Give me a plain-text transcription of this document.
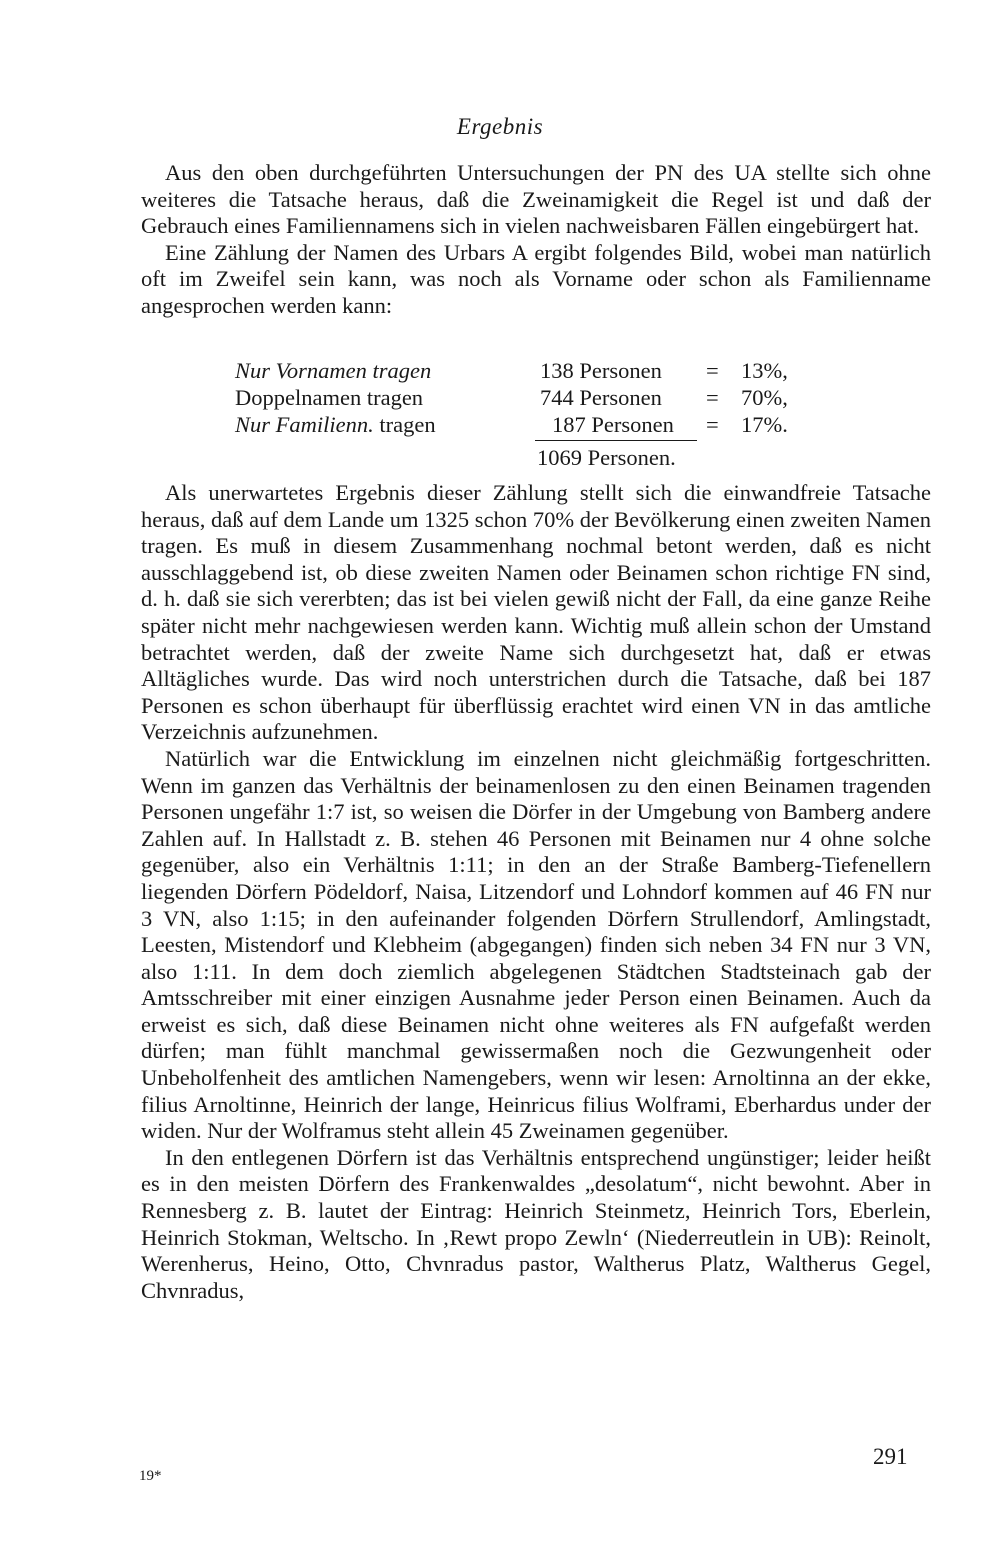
Ergebnis

Aus den oben durchgeführten Untersuchungen der PN des UA stellte sich ohne weiteres die Tatsache heraus, daß die Zweinamigkeit die Regel ist und daß der Gebrauch eines Familiennamens sich in vielen nachweisbaren Fällen eingebürgert hat.

Eine Zählung der Namen des Urbars A ergibt folgendes Bild, wobei man natürlich oft im Zweifel sein kann, was noch als Vorname oder schon als Familienname angesprochen werden kann:

Nur Vornamen tragen	138 Personen = 13%,
Doppelnamen tragen	744 Personen = 70%,
Nur Familienn. tragen	187 Personen = 17%.
1069 Personen.

Als unerwartetes Ergebnis dieser Zählung stellt sich die einwandfreie Tatsache heraus, daß auf dem Lande um 1325 schon 70% der Bevölkerung einen zweiten Namen tragen. Es muß in diesem Zusammenhang nochmal betont werden, daß es nicht ausschlaggebend ist, ob diese zweiten Namen oder Beinamen schon richtige FN sind, d. h. daß sie sich vererbten; das ist bei vielen gewiß nicht der Fall, da eine ganze Reihe später nicht mehr nachgewiesen werden kann. Wichtig muß allein schon der Umstand betrachtet werden, daß der zweite Name sich durchgesetzt hat, daß er etwas Alltägliches wurde. Das wird noch unterstrichen durch die Tatsache, daß bei 187 Personen es schon überhaupt für überflüssig erachtet wird einen VN in das amtliche Verzeichnis aufzunehmen.

Natürlich war die Entwicklung im einzelnen nicht gleichmäßig fortgeschritten. Wenn im ganzen das Verhältnis der beinamenlosen zu den einen Beinamen tragenden Personen ungefähr 1:7 ist, so weisen die Dörfer in der Umgebung von Bamberg andere Zahlen auf. In Hallstadt z. B. stehen 46 Personen mit Beinamen nur 4 ohne solche gegenüber, also ein Verhältnis 1:11; in den an der Straße Bamberg-Tiefenellern liegenden Dörfern Pödeldorf, Naisa, Litzendorf und Lohndorf kommen auf 46 FN nur 3 VN, also 1:15; in den aufeinander folgenden Dörfern Strullendorf, Amlingstadt, Leesten, Mistendorf und Klebheim (abgegangen) finden sich neben 34 FN nur 3 VN, also 1:11. In dem doch ziemlich abgelegenen Städtchen Stadtsteinach gab der Amtsschreiber mit einer einzigen Ausnahme jeder Person einen Beinamen. Auch da erweist es sich, daß diese Beinamen nicht ohne weiteres als FN aufgefaßt werden dürfen; man fühlt manchmal gewissermaßen noch die Gezwungenheit oder Unbeholfenheit des amtlichen Namengebers, wenn wir lesen: Arnoltinna an der ekke, filius Arnoltinne, Heinrich der lange, Heinricus filius Wolframi, Eberhardus under der widen. Nur der Wolframus steht allein 45 Zweinamen gegenüber.

In den entlegenen Dörfern ist das Verhältnis entsprechend ungünstiger; leider heißt es in den meisten Dörfern des Frankenwaldes „desolatum“, nicht bewohnt. Aber in Rennesberg z. B. lautet der Eintrag: Heinrich Steinmetz, Heinrich Tors, Eberlein, Heinrich Stokman, Weltscho. In ‚Rewt propo Zewln‘ (Niederreutlein in UB): Reinolt, Werenherus, Heino, Otto, Chvnradus pastor, Waltherus Platz, Waltherus Gegel, Chvnradus,

19*
291
